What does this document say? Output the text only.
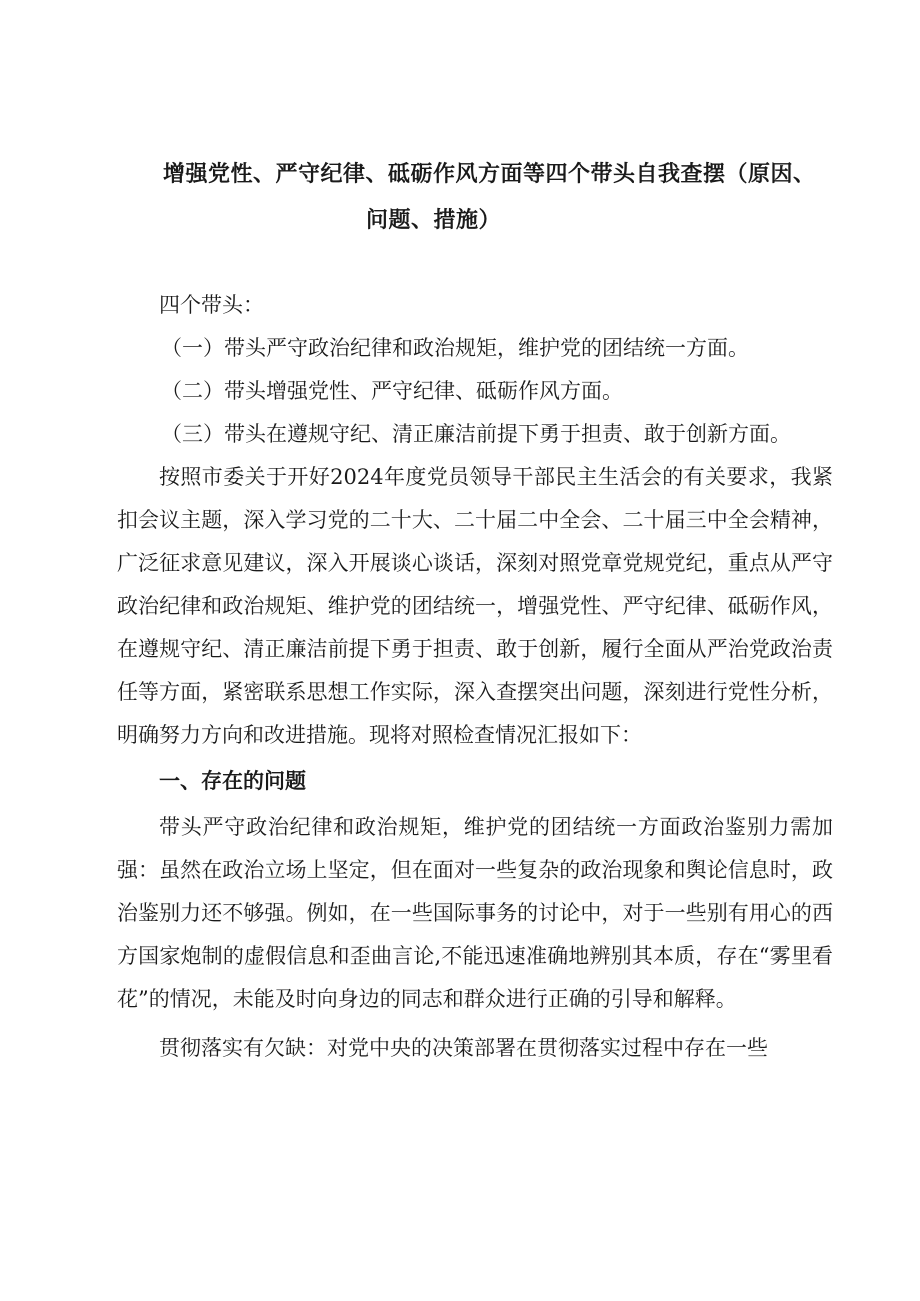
增强党性、严守纪律、砥砺作风方面等四个带头自我查摆（原因、
问题、措施）

四个带头：

（一）带头严守政治纪律和政治规矩，维护党的团结统一方面。

（二）带头增强党性、严守纪律、砥砺作风方面。

（三）带头在遵规守纪、清正廉洁前提下勇于担责、敢于创新方面。

按照市委关于开好2024年度党员领导干部民主生活会的有关要求，我紧扣会议主题，深入学习党的二十大、二十届二中全会、二十届三中全会精神，广泛征求意见建议，深入开展谈心谈话，深刻对照党章党规党纪，重点从严守政治纪律和政治规矩、维护党的团结统一，增强党性、严守纪律、砥砺作风，在遵规守纪、清正廉洁前提下勇于担责、敢于创新，履行全面从严治党政治责任等方面，紧密联系思想工作实际，深入查摆突出问题，深刻进行党性分析，明确努力方向和改进措施。现将对照检查情况汇报如下：

一、存在的问题

带头严守政治纪律和政治规矩，维护党的团结统一方面政治鉴别力需加强：虽然在政治立场上坚定，但在面对一些复杂的政治现象和舆论信息时，政治鉴别力还不够强。例如，在一些国际事务的讨论中，对于一些别有用心的西方国家炮制的虚假信息和歪曲言论,不能迅速准确地辨别其本质，存在“雾里看花”的情况，未能及时向身边的同志和群众进行正确的引导和解释。

贯彻落实有欠缺：对党中央的决策部署在贯彻落实过程中存在一些
